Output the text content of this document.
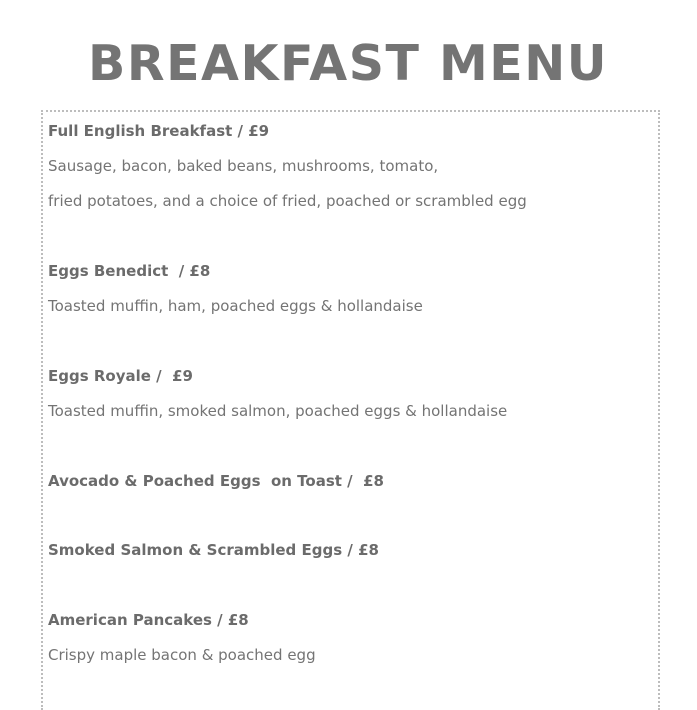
BREAKFAST MENU
Full English Breakfast / £9
Sausage, bacon, baked beans, mushrooms, tomato,
fried potatoes, and a choice of fried, poached or scrambled egg
Eggs Benedict  / £8
Toasted muffin, ham, poached eggs & hollandaise
Eggs Royale /  £9
Toasted muffin, smoked salmon, poached eggs & hollandaise
Avocado & Poached Eggs  on Toast /  £8
Smoked Salmon & Scrambled Eggs / £8
American Pancakes / £8
Crispy maple bacon & poached egg
